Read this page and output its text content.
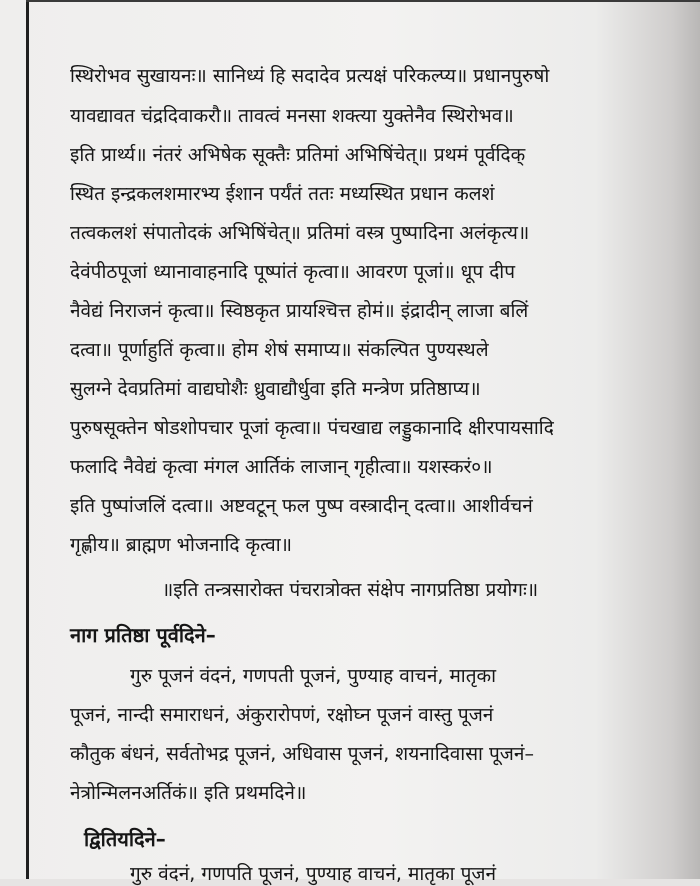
स्थिरोभव सुखायनः॥ सानिध्यं हि सदादेव प्रत्यक्षं परिकल्प्य॥ प्रधानपुरुषो
यावद्यावत चंद्रदिवाकरौ॥ तावत्वं मनसा शक्त्या युक्तेनैव स्थिरोभव॥
इति प्रार्थ्य॥ नंतरं अभिषेक सूक्तैः प्रतिमां अभिषिंचेत्॥ प्रथमं पूर्वदिक्
स्थित इन्द्रकलशमारभ्य ईशान पर्यंतं ततः मध्यस्थित प्रधान कलशं
तत्वकलशं संपातोदकं अभिषिंचेत्॥ प्रतिमां वस्त्र पुष्पादिना अलंकृत्य॥
देवंपीठपूजां ध्यानावाहनादि पूष्पांतं कृत्वा॥ आवरण पूजां॥ धूप दीप
नैवेद्यं निराजनं कृत्वा॥ स्विष्ठकृत प्रायश्चित्त होमं॥ इंद्रादीन् लाजा बलिं
दत्वा॥ पूर्णाहुतिं कृत्वा॥ होम शेषं समाप्य॥ संकल्पित पुण्यस्थले
सुलग्ने देवप्रतिमां वाद्यघोशैः ध्रुवाद्यौर्धुवा इति मन्त्रेण प्रतिष्ठाप्य॥
पुरुषसूक्तेन षोडशोपचार पूजां कृत्वा॥ पंचखाद्य लड्डुकानादि क्षीरपायसादि
फलादि नैवेद्यं कृत्वा मंगल आर्तिकं लाजान् गृहीत्वा॥ यशस्करं०॥
इति पुष्पांजलिं दत्वा॥ अष्टवटून् फल पुष्प वस्त्रादीन् दत्वा॥ आशीर्वचनं
गृह्णीय॥ ब्राह्मण भोजनादि कृत्वा॥
॥इति तन्त्रसारोक्त पंचरात्रोक्त संक्षेप नागप्रतिष्ठा प्रयोगः॥
नाग प्रतिष्ठा पूर्वदिने–
गुरु पूजनं वंदनं, गणपती पूजनं, पुण्याह वाचनं, मातृका
पूजनं, नान्दी समाराधनं, अंकुरारोपणं, रक्षोघ्न पूजनं वास्तु पूजनं
कौतुक बंधनं, सर्वतोभद्र पूजनं, अधिवास पूजनं, शयनादिवासा पूजनं–
नेत्रोन्मिलनअर्तिकं॥ इति प्रथमदिने॥
द्वितियदिने–
गुरु वंदनं, गणपति पूजनं, पुण्याह वाचनं, मातृका पूजनं
